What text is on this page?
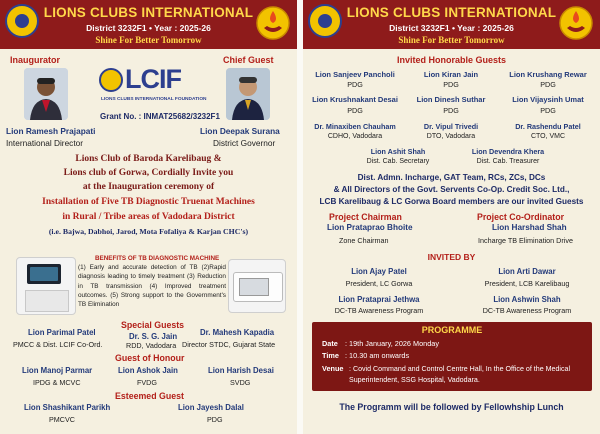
LIONS CLUBS INTERNATIONAL
District 3232F1 • Year : 2025-26
Shine For Better Tomorrow
Inaugurator	Chief Guest
LCIF
LIONS CLUBS INTERNATIONAL FOUNDATION
Grant No. : INMAT25682/3232F1
Lion Ramesh Prajapati
International Director
Lion Deepak Surana
District Governor
Lions Club of Baroda Karelibaug &
Lions club of Gorwa, Cordially Invite you
at the Inauguration ceremony of
Installation of Five TB Diagnostic Truenat Machines
in Rural / Tribe areas of Vadodara District
(i.e. Bajwa, Dabhoi, Jarod, Mota Fofaliya & Karjan CHC's)
BENEFITS OF TB DIAGNOSTIC MACHINE
(1) Early and accurate detection of TB (2)Rapid diagnosis leading to timely treatment (3) Reduction in TB transmission (4) Improved treatment outcomes. (5) Strong support to the Government's TB Elimination
Lion Parimal Patel
PMCC & Dist. LCIF Co-Ord.
Special Guests
Dr. S. G. Jain
RDD, Vadodara
Dr. Mahesh Kapadia
Director STDC, Gujarat State
Guest of Honour
Lion Manoj Parmar
IPDG & MCVC
Lion Ashok Jain
FVDG
Lion Harish Desai
SVDG
Esteemed Guest
Lion Shashikant Parikh
PMCVC
Lion Jayesh Dalal
PDG
LIONS CLUBS INTERNATIONAL
District 3232F1 • Year : 2025-26
Shine For Better Tomorrow
Invited Honorable Guests
Lion Sanjeev Pancholi
PDG
Lion Kiran Jain
PDG
Lion Krushang Rewar
PDG
Lion Krushnakant Desai
PDG
Lion Dinesh Suthar
PDG
Lion Vijaysinh Umat
PDG
Dr. Minaxiben Chauham
CDHO, Vadodara
Dr. Vipul Trivedi
DTO, Vadodara
Dr. Rashendu Patel
CTO, VMC
Lion Ashit Shah
Dist. Cab. Secretary
Lion Devendra Khera
Dist. Cab. Treasurer
Dist. Admn. Incharge, GAT Team, RCs, ZCs, DCs
& All Directors of the Govt. Servents Co-Op. Credit Soc. Ltd.,
LCB Karelibaug & LC Gorwa Board members are our invited Guests
Project Chairman
Lion Pratapraо Bhoite
Zone Chairman
Project Co-Ordinator
Lion Harshad Shah
Incharge TB Elimination Drive
INVITED BY
Lion Ajay Patel
President, LC Gorwa
Lion Arti Dawar
President, LCB Karelibaug
Lion Prataprai Jethwa
DC-TB Awareness Program
Lion Ashwin Shah
DC-TB Awareness Program
PROGRAMME
Date : 19th January, 2026 Monday
Time : 10.30 am onwards
Venue : Covid Command and Control Centre Hall, In the Office of the Medical Superintendent, SSG Hospital, Vadodara.
The Programm will be followed by Fellowhship Lunch
